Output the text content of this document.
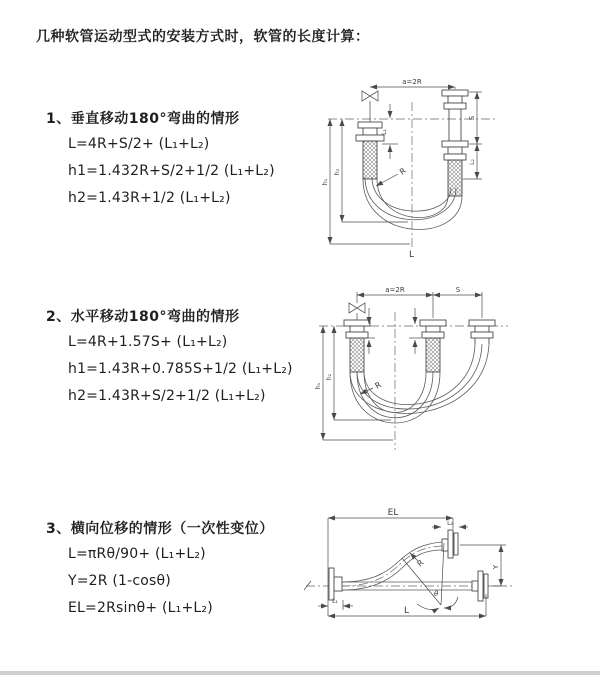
几种软管运动型式的安装方式时，软管的长度计算：
1、垂直移动180°弯曲的情形
L=4R+S/2+ (L₁+L₂)
h1=1.432R+S/2+1/2 (L₁+L₂)
h2=1.43R+1/2 (L₁+L₂)
2、水平移动180°弯曲的情形
L=4R+1.57S+ (L₁+L₂)
h1=1.43R+0.785S+1/2 (L₁+L₂)
h2=1.43R+S/2+1/2 (L₁+L₂)
3、横向位移的情形（一次性变位）
L=πRθ/90+ (L₁+L₂)
Y=2R (1-cosθ)
EL=2Rsinθ+ (L₁+L₂)
a=2R
L₁
S
L₂
h₁
h₂	R
L
a=2R	S
h₁
h₂
R
EL
L₂
Y
R
θ
L
L₁
